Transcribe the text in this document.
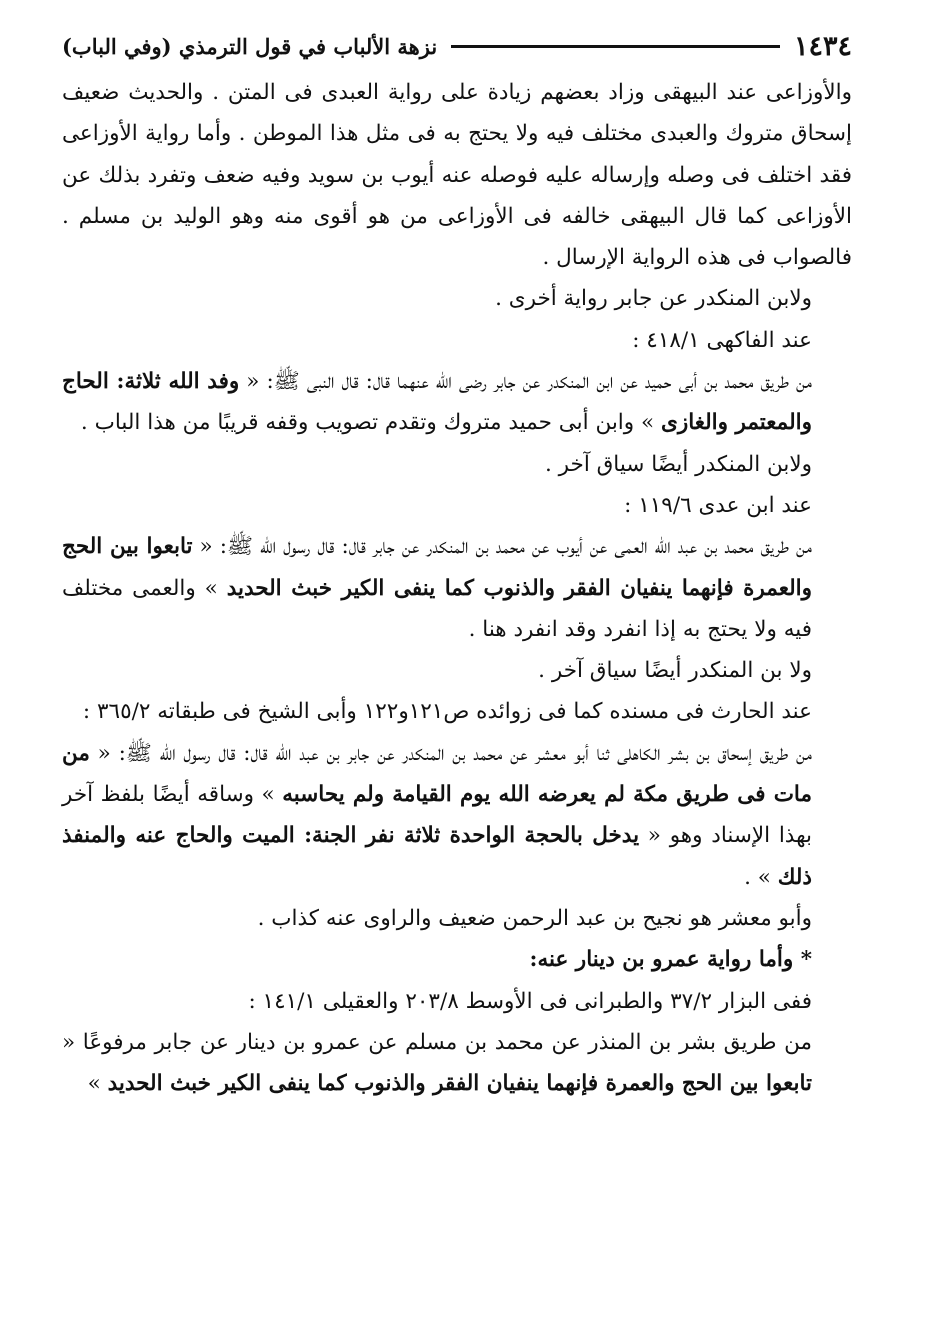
١٤٣٤
نزهة الألباب في قول الترمذي (وفي الباب)

والأوزاعى عند البيهقى وزاد بعضهم زيادة على رواية العبدى فى المتن . والحديث ضعيف إسحاق متروك والعبدى مختلف فيه ولا يحتج به فى مثل هذا الموطن . وأما رواية الأوزاعى فقد اختلف فى وصله وإرساله عليه فوصله عنه أيوب بن سويد وفيه ضعف وتفرد بذلك عن الأوزاعى كما قال البيهقى خالفه فى الأوزاعى من هو أقوى منه وهو الوليد بن مسلم . فالصواب فى هذه الرواية الإرسال .

ولابن المنكدر عن جابر رواية أخرى .

عند الفاكهى ٤١٨/١ :

من طريق محمد بن أبى حميد عن ابن المنكدر عن جابر رضى الله عنهما قال: قال النبى ﷺ: « وفد الله ثلاثة: الحاج والمعتمر والغازى » وابن أبى حميد متروك وتقدم تصويب وقفه قريبًا من هذا الباب .

ولابن المنكدر أيضًا سياق آخر .

عند ابن عدى ١١٩/٦ :

من طريق محمد بن عبد الله العمى عن أيوب عن محمد بن المنكدر عن جابر قال: قال رسول الله ﷺ: « تابعوا بين الحج والعمرة فإنهما ينفيان الفقر والذنوب كما ينفى الكير خبث الحديد » والعمى مختلف فيه ولا يحتج به إذا انفرد وقد انفرد هنا .

ولا بن المنكدر أيضًا سياق آخر .

عند الحارث فى مسنده كما فى زوائده ص١٢١و١٢٢ وأبى الشيخ فى طبقاته ٣٦٥/٢ :

من طريق إسحاق بن بشر الكاهلى ثنا أبو معشر عن محمد بن المنكدر عن جابر بن عبد الله قال: قال رسول الله ﷺ: « من مات فى طريق مكة لم يعرضه الله يوم القيامة ولم يحاسبه » وساقه أيضًا بلفظ آخر بهذا الإسناد وهو « يدخل بالحجة الواحدة ثلاثة نفر الجنة: الميت والحاج عنه والمنفذ ذلك » .

وأبو معشر هو نجيح بن عبد الرحمن ضعيف والراوى عنه كذاب .

* وأما رواية عمرو بن دينار عنه:

ففى البزار ٣٧/٢ والطبرانى فى الأوسط ٢٠٣/٨ والعقيلى ١٤١/١ :

من طريق بشر بن المنذر عن محمد بن مسلم عن عمرو بن دينار عن جابر مرفوعًا « تابعوا بين الحج والعمرة فإنهما ينفيان الفقر والذنوب كما ينفى الكير خبث الحديد »
